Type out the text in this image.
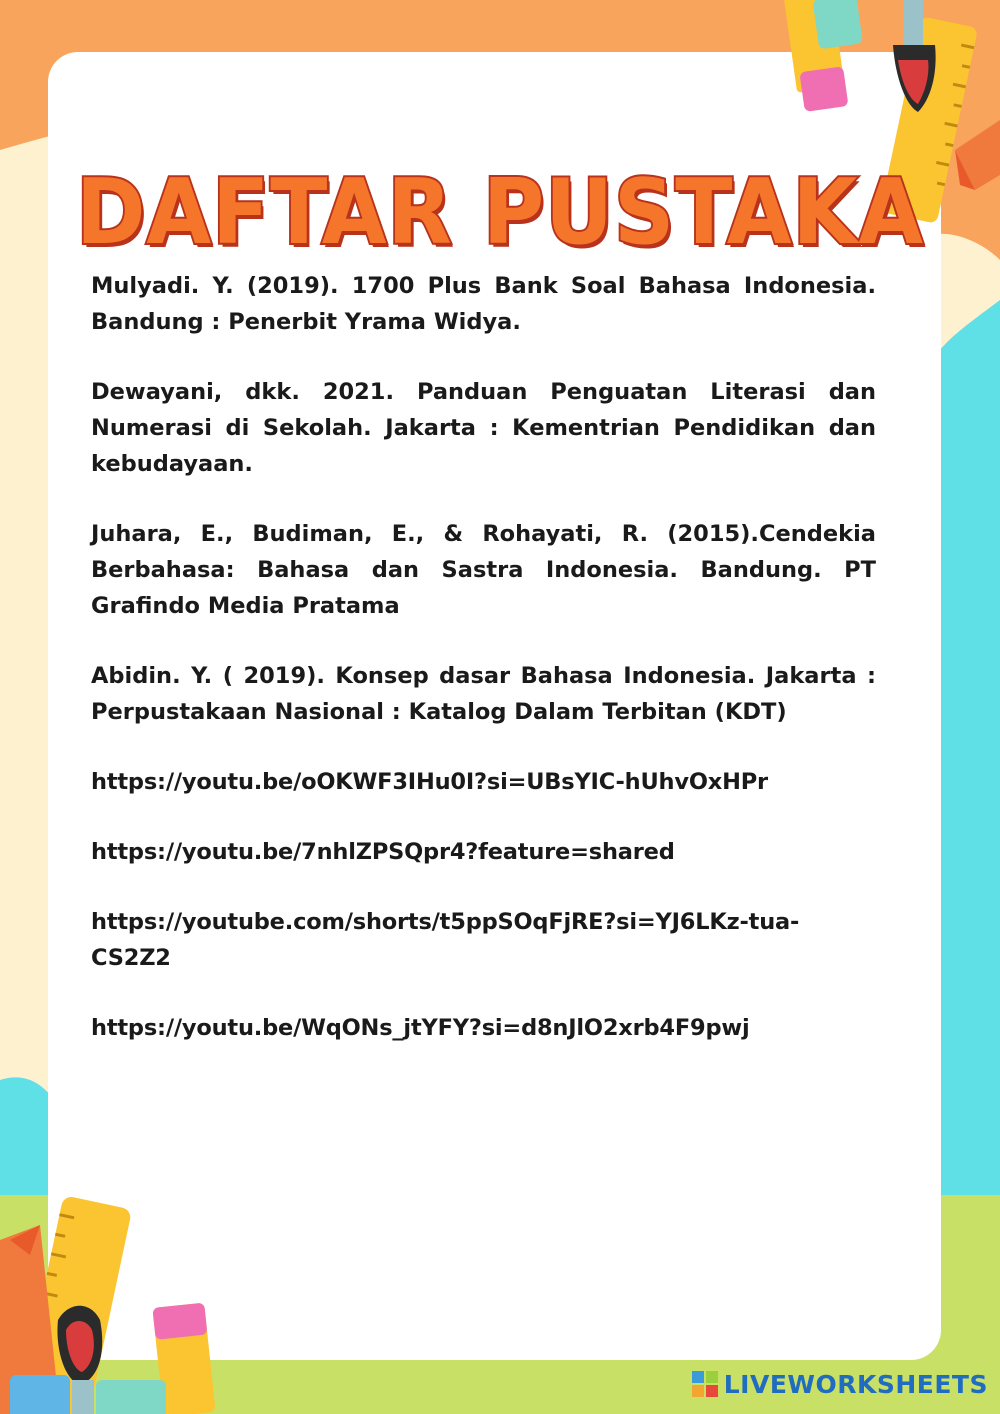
DAFTAR PUSTAKA

Mulyadi. Y. (2019). 1700 Plus Bank Soal Bahasa Indonesia. Bandung : Penerbit Yrama Widya.

Dewayani, dkk. 2021. Panduan Penguatan Literasi dan Numerasi di Sekolah. Jakarta : Kementrian Pendidikan dan kebudayaan.

Juhara, E., Budiman, E., & Rohayati, R. (2015).Cendekia Berbahasa: Bahasa dan Sastra Indonesia. Bandung. PT Grafindo Media Pratama

Abidin. Y. ( 2019). Konsep dasar Bahasa Indonesia. Jakarta : Perpustakaan Nasional : Katalog Dalam Terbitan (KDT)

https://youtu.be/oOKWF3IHu0I?si=UBsYIC-hUhvOxHPr

https://youtu.be/7nhlZPSQpr4?feature=shared

https://youtube.com/shorts/t5ppSOqFjRE?si=YJ6LKz-tua-CS2Z2

https://youtu.be/WqONs_jtYFY?si=d8nJlO2xrb4F9pwj

LIVEWORKSHEETS
